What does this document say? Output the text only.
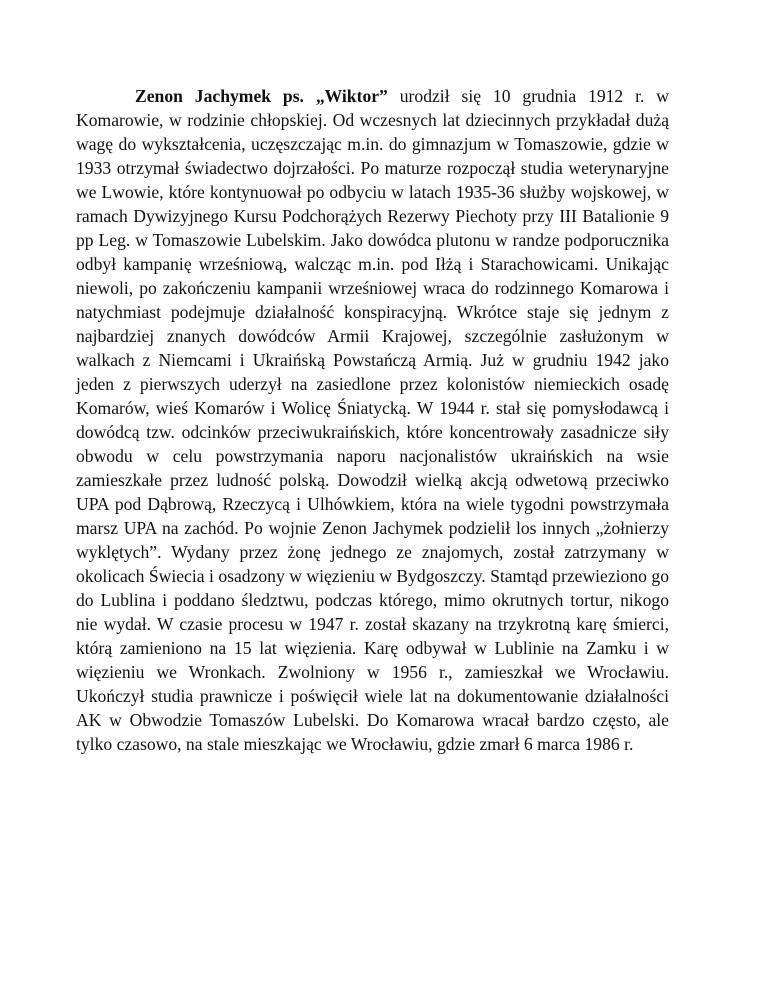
Zenon Jachymek ps. „Wiktor” urodził się 10 grudnia 1912 r. w Komarowie, w rodzinie chłopskiej. Od wczesnych lat dziecinnych przykładał dużą wagę do wykształcenia, uczęszczając m.in. do gimnazjum w Tomaszowie, gdzie w 1933 otrzymał świadectwo dojrzałości. Po maturze rozpoczął studia weterynaryjne we Lwowie, które kontynuował po odbyciu w latach 1935-36 służby wojskowej, w ramach Dywizyjnego Kursu Podchorążych Rezerwy Piechoty przy III Batalionie 9 pp Leg. w Tomaszowie Lubelskim. Jako dowódca plutonu w randze podporucznika odbył kampanię wrześniową, walcząc m.in. pod Iłżą i Starachowicami. Unikając niewoli, po zakończeniu kampanii wrześniowej wraca do rodzinnego Komarowa i natychmiast podejmuje działalność konspiracyjną. Wkrótce staje się jednym z najbardziej znanych dowódców Armii Krajowej, szczególnie zasłużonym w walkach z Niemcami i Ukraińską Powstańczą Armią. Już w grudniu 1942 jako jeden z pierwszych uderzył na zasiedlone przez kolonistów niemieckich osadę Komarów, wieś Komarów i Wolicę Śniatycką. W 1944 r. stał się pomysłodawcą i dowódcą tzw. odcinków przeciwukraińskich, które koncentrowały zasadnicze siły obwodu w celu powstrzymania naporu nacjonalistów ukraińskich na wsie zamieszkałe przez ludność polską. Dowodził wielką akcją odwetową przeciwko UPA pod Dąbrową, Rzeczycą i Ulhówkiem, która na wiele tygodni powstrzymała marsz UPA na zachód. Po wojnie Zenon Jachymek podzielił los innych „żołnierzy wyklętych”. Wydany przez żonę jednego ze znajomych, został zatrzymany w okolicach Świecia i osadzony w więzieniu w Bydgoszczy. Stamtąd przewieziono go do Lublina i poddano śledztwu, podczas którego, mimo okrutnych tortur, nikogo nie wydał. W czasie procesu w 1947 r. został skazany na trzykrotną karę śmierci, którą zamieniono na 15 lat więzienia. Karę odbywał w Lublinie na Zamku i w więzieniu we Wronkach. Zwolniony w 1956 r., zamieszkał we Wrocławiu. Ukończył studia prawnicze i poświęcił wiele lat na dokumentowanie działalności AK w Obwodzie Tomaszów Lubelski. Do Komarowa wracał bardzo często, ale tylko czasowo, na stale mieszkając we Wrocławiu, gdzie zmarł 6 marca 1986 r.
